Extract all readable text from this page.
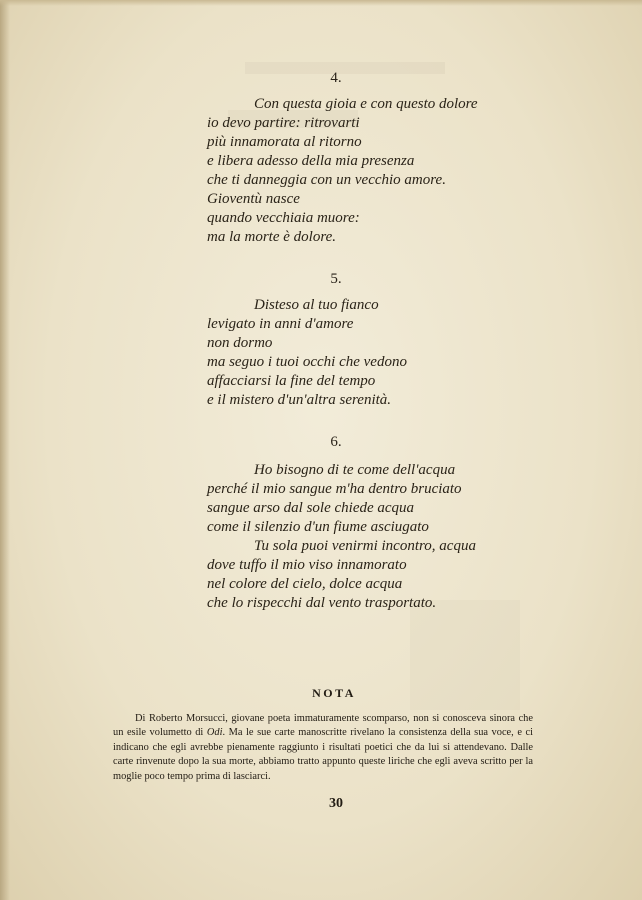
4.
Con questa gioia e con questo dolore
io devo partire: ritrovarti
più innamorata al ritorno
e libera adesso della mia presenza
che ti danneggia con un vecchio amore.
Gioventù nasce
quando vecchiaia muore:
ma la morte è dolore.
5.
Disteso al tuo fianco
levigato in anni d'amore
non dormo
ma seguo i tuoi occhi che vedono
affacciarsi la fine del tempo
e il mistero d'un'altra serenità.
6.
Ho bisogno di te come dell'acqua
perché il mio sangue m'ha dentro bruciato
sangue arso dal sole chiede acqua
come il silenzio d'un fiume asciugato
Tu sola puoi venirmi incontro, acqua
dove tuffo il mio viso innamorato
nel colore del cielo, dolce acqua
che lo rispecchi dal vento trasportato.
NOTA
Di Roberto Morsucci, giovane poeta immaturamente scomparso, non si conosceva sinora che un esile volumetto di Odi. Ma le sue carte manoscritte rivelano la consistenza della sua voce, e ci indicano che egli avrebbe pienamente raggiunto i risultati poetici che da lui si attendevano. Dalle carte rinvenute dopo la sua morte, abbiamo tratto appunto queste liriche che egli aveva scritto per la moglie poco tempo prima di lasciarci.
30
